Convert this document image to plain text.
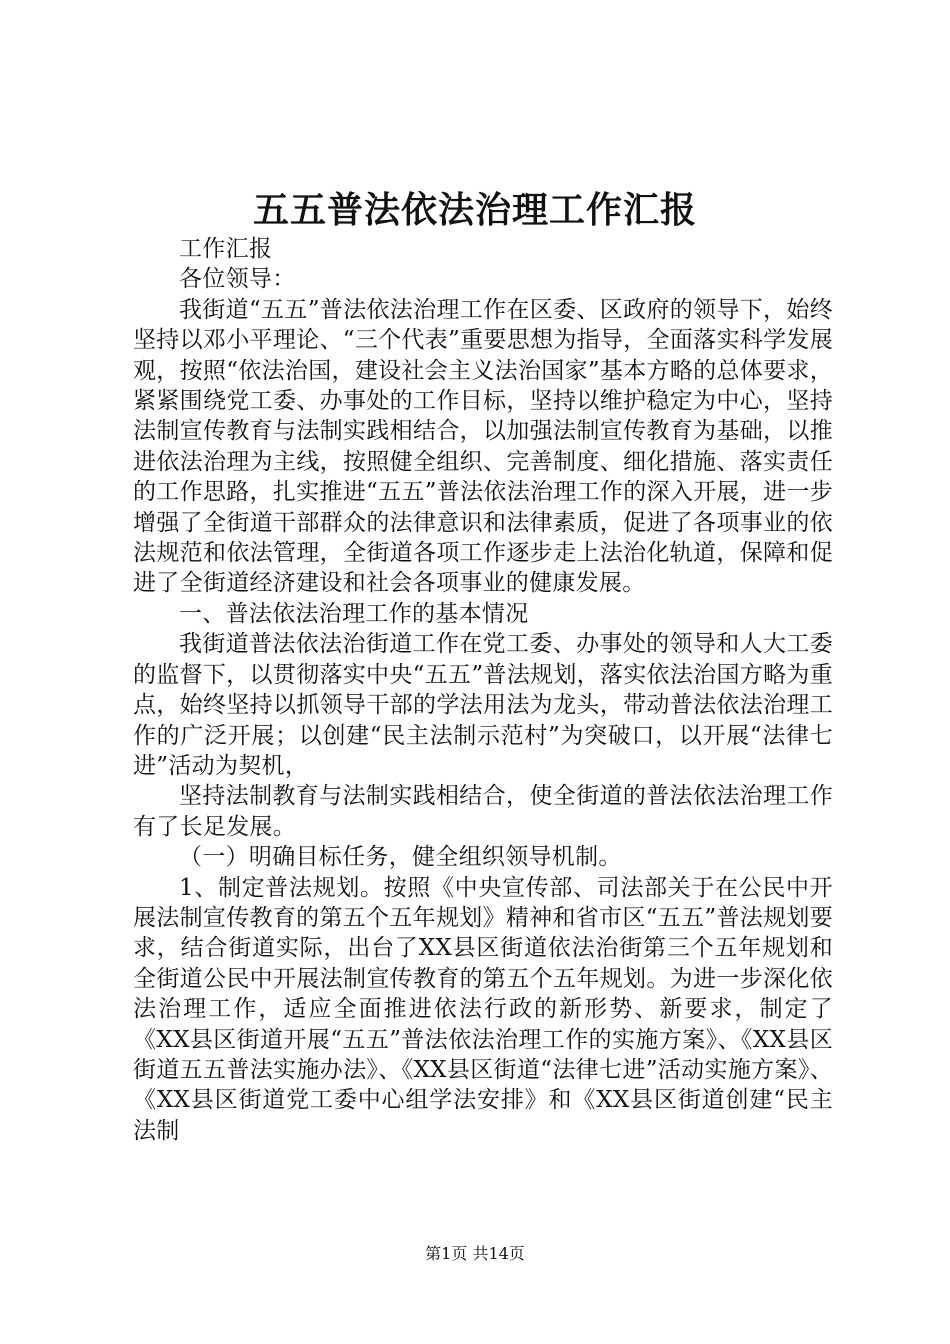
五五普法依法治理工作汇报

工作汇报

各位领导：

我街道“五五”普法依法治理工作在区委、区政府的领导下，始终坚持以邓小平理论、“三个代表”重要思想为指导，全面落实科学发展观，按照“依法治国，建设社会主义法治国家”基本方略的总体要求，紧紧围绕党工委、办事处的工作目标，坚持以维护稳定为中心，坚持法制宣传教育与法制实践相结合，以加强法制宣传教育为基础，以推进依法治理为主线，按照健全组织、完善制度、细化措施、落实责任的工作思路，扎实推进“五五”普法依法治理工作的深入开展，进一步增强了全街道干部群众的法律意识和法律素质，促进了各项事业的依法规范和依法管理，全街道各项工作逐步走上法治化轨道，保障和促进了全街道经济建设和社会各项事业的健康发展。

一、普法依法治理工作的基本情况

我街道普法依法治街道工作在党工委、办事处的领导和人大工委的监督下，以贯彻落实中央“五五”普法规划，落实依法治国方略为重点，始终坚持以抓领导干部的学法用法为龙头，带动普法依法治理工作的广泛开展；以创建“民主法制示范村”为突破口，以开展“法律七进”活动为契机，

坚持法制教育与法制实践相结合，使全街道的普法依法治理工作有了长足发展。

（一）明确目标任务，健全组织领导机制。

1、制定普法规划。按照《中央宣传部、司法部关于在公民中开展法制宣传教育的第五个五年规划》精神和省市区“五五”普法规划要求，结合街道实际，出台了XX县区街道依法治街第三个五年规划和全街道公民中开展法制宣传教育的第五个五年规划。为进一步深化依法治理工作，适应全面推进依法行政的新形势、新要求，制定了《XX县区街道开展“五五”普法依法治理工作的实施方案》、《XX县区街道五五普法实施办法》、《XX县区街道“法律七进”活动实施方案》、《XX县区街道党工委中心组学法安排》和《XX县区街道创建“民主法制

第1页 共14页
